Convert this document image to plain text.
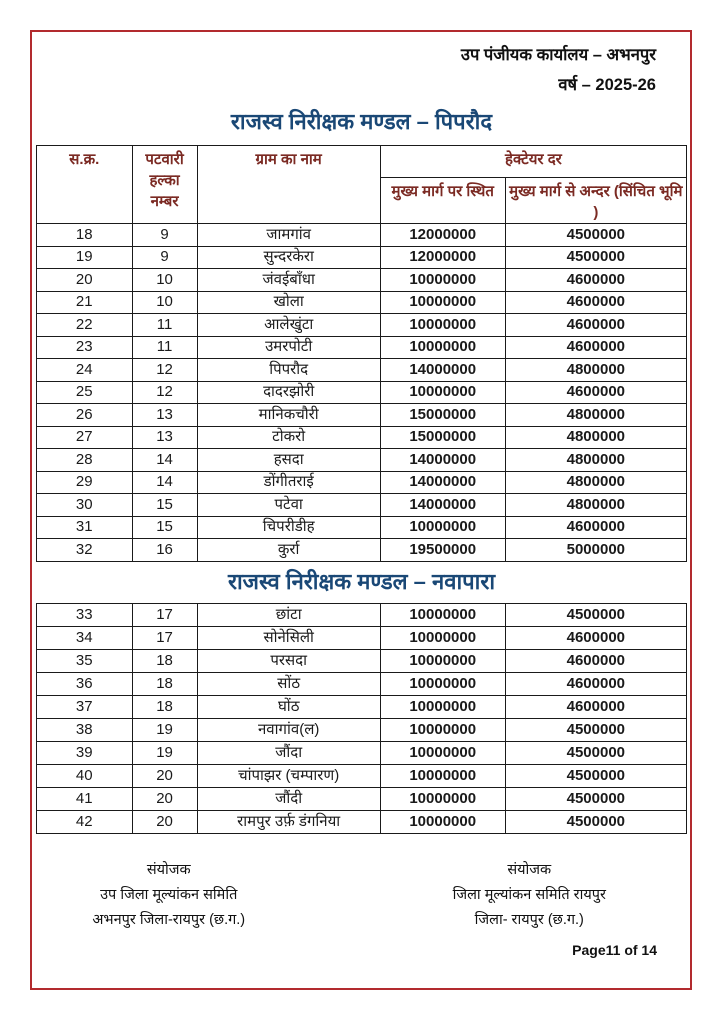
उप पंजीयक कार्यालय – अभनपुर
वर्ष – 2025-26
राजस्व निरीक्षक मण्डल – पिपरौद
स.क्र.	पटवारी हल्का नम्बर	ग्राम का नाम	हेक्टेयर दर	
			मुख्य मार्ग पर स्थित	मुख्य मार्ग से अन्दर (सिंचित भूमि )
18	9	जामगांव	12000000	4500000
19	9	सुन्दरकेरा	12000000	4500000
20	10	जंवईबाँधा	10000000	4600000
21	10	खोला	10000000	4600000
22	11	आलेखुंटा	10000000	4600000
23	11	उमरपोटी	10000000	4600000
24	12	पिपरौद	14000000	4800000
25	12	दादरझोरी	10000000	4600000
26	13	मानिकचौरी	15000000	4800000
27	13	टोकरो	15000000	4800000
28	14	हसदा	14000000	4800000
29	14	डोंगीतराई	14000000	4800000
30	15	पटेवा	14000000	4800000
31	15	चिपरीडीह	10000000	4600000
32	16	कुर्रा	19500000	5000000
राजस्व निरीक्षक मण्डल – नवापारा
33	17	छांटा	10000000	4500000
34	17	सोनेसिली	10000000	4600000
35	18	परसदा	10000000	4600000
36	18	सोंठ	10000000	4600000
37	18	घोंठ	10000000	4600000
38	19	नवागांव(ल)	10000000	4500000
39	19	जौंदा	10000000	4500000
40	20	चांपाझर (चम्पारण)	10000000	4500000
41	20	जौंदी	10000000	4500000
42	20	रामपुर उर्फ़ डंगनिया	10000000	4500000
संयोजक
उप जिला मूल्यांकन समिति
अभनपुर जिला-रायपुर (छ.ग.)
संयोजक
जिला मूल्यांकन समिति रायपुर
जिला- रायपुर (छ.ग.)
Page11 of 14
